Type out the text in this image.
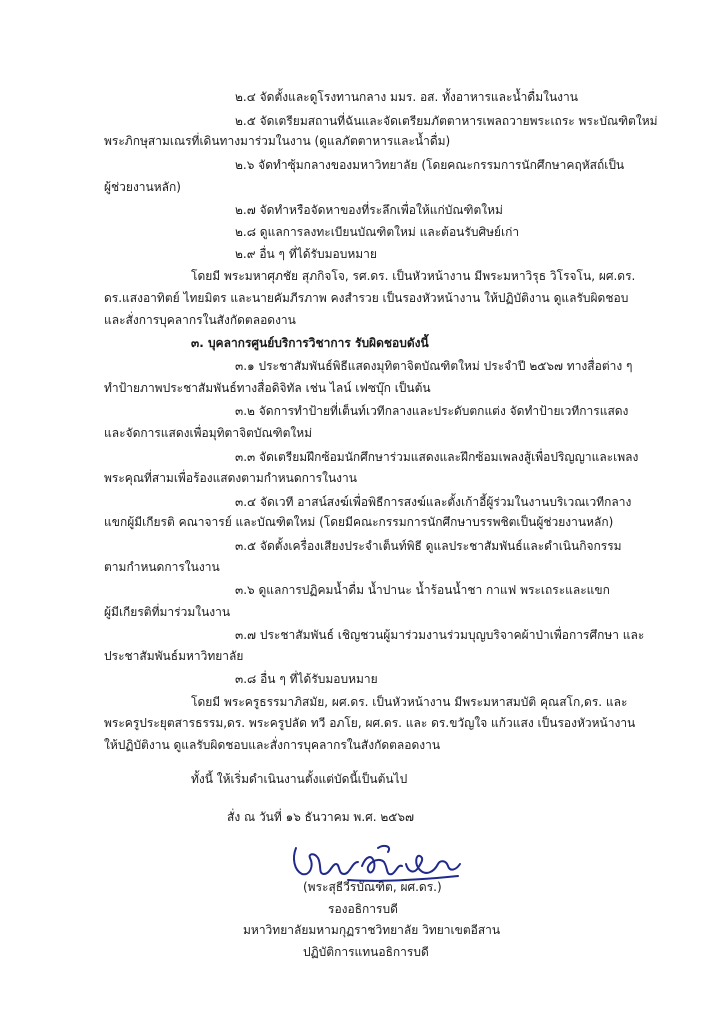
๒.๔ จัดตั้งและดูโรงทานกลาง มมร. อส. ทั้งอาหารและน้ำดื่มในงาน
๒.๕ จัดเตรียมสถานที่ฉันและจัดเตรียมภัตตาหารเพลถวายพระเถระ พระบัณฑิตใหม่
พระภิกษุสามเณรที่เดินทางมาร่วมในงาน (ดูแลภัตตาหารและน้ำดื่ม)
๒.๖ จัดทำซุ้มกลางของมหาวิทยาลัย (โดยคณะกรรมการนักศึกษาคฤหัสถ์เป็น
ผู้ช่วยงานหลัก)
๒.๗ จัดทำหรือจัดหาของที่ระลึกเพื่อให้แก่บัณฑิตใหม่
๒.๘ ดูแลการลงทะเบียนบัณฑิตใหม่ และต้อนรับศิษย์เก่า
๒.๙ อื่น ๆ ที่ได้รับมอบหมาย
โดยมี พระมหาศุภชัย สุภกิจโจ, รศ.ดร. เป็นหัวหน้างาน มีพระมหาวิรุธ วิโรจโน, ผศ.ดร.
ดร.แสงอาทิตย์ ไทยมิตร และนายคัมภีรภาพ คงสำรวย เป็นรองหัวหน้างาน ให้ปฏิบัติงาน ดูแลรับผิดชอบ
และสั่งการบุคลากรในสังกัดตลอดงาน
๓. บุคลากรศูนย์บริการวิชาการ รับผิดชอบดังนี้
๓.๑ ประชาสัมพันธ์พิธีแสดงมุทิตาจิตบัณฑิตใหม่ ประจำปี ๒๕๖๗ ทางสื่อต่าง ๆ
ทำป้ายภาพประชาสัมพันธ์ทางสื่อดิจิทัล เช่น ไลน์ เฟซบุ๊ก เป็นต้น
๓.๒ จัดการทำป้ายที่เต็นท์เวทีกลางและประดับตกแต่ง จัดทำป้ายเวทีการแสดง
และจัดการแสดงเพื่อมุทิตาจิตบัณฑิตใหม่
๓.๓ จัดเตรียมฝึกซ้อมนักศึกษาร่วมแสดงและฝึกซ้อมเพลงสู้เพื่อปริญญาและเพลง
พระคุณที่สามเพื่อร้องแสดงตามกำหนดการในงาน
๓.๔ จัดเวที อาสน์สงฆ์เพื่อพิธีการสงฆ์และตั้งเก้าอี้ผู้ร่วมในงานบริเวณเวทีกลาง
แขกผู้มีเกียรติ คณาจารย์ และบัณฑิตใหม่ (โดยมีคณะกรรมการนักศึกษาบรรพชิตเป็นผู้ช่วยงานหลัก)
๓.๕ จัดตั้งเครื่องเสียงประจำเต็นท์พิธี ดูแลประชาสัมพันธ์และดำเนินกิจกรรม
ตามกำหนดการในงาน
๓.๖ ดูแลการปฏิคมน้ำดื่ม น้ำปานะ น้ำร้อนน้ำชา กาแฟ พระเถระและแขก
ผู้มีเกียรติที่มาร่วมในงาน
๓.๗ ประชาสัมพันธ์ เชิญชวนผู้มาร่วมงานร่วมบุญบริจาคผ้าป่าเพื่อการศึกษา และ
ประชาสัมพันธ์มหาวิทยาลัย
๓.๘ อื่น ๆ ที่ได้รับมอบหมาย
โดยมี พระครูธรรมาภิสมัย, ผศ.ดร. เป็นหัวหน้างาน มีพระมหาสมบัติ คุณสโก,ดร. และ
พระครูประยุตสารธรรม,ดร. พระครูปลัด ทวี อภโย, ผศ.ดร. และ ดร.ขวัญใจ แก้วแสง เป็นรองหัวหน้างาน
ให้ปฏิบัติงาน ดูแลรับผิดชอบและสั่งการบุคลากรในสังกัดตลอดงาน
ทั้งนี้ ให้เริ่มดำเนินงานตั้งแต่บัดนี้เป็นต้นไป
สั่ง ณ วันที่ ๑๖ ธันวาคม พ.ศ. ๒๕๖๗
(พระสุธีวีรบัณฑิต, ผศ.ดร.)
รองอธิการบดี
มหาวิทยาลัยมหามกุฏราชวิทยาลัย วิทยาเขตอีสาน
ปฏิบัติการแทนอธิการบดี
